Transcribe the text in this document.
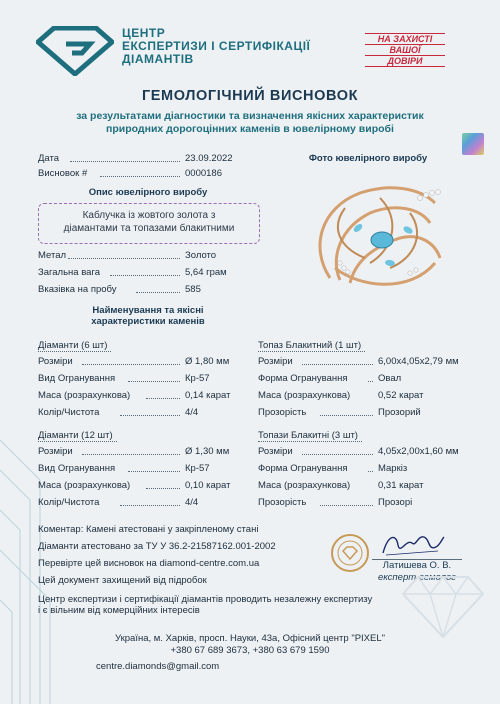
ЦЕНТР
ЕКСПЕРТИЗИ І СЕРТИФІКАЦІЇ
ДІАМАНТІВ
НА ЗАХИСТІ
ВАШОЇ
ДОВІРИ
ГЕМОЛОГІЧНИЙ ВИСНОВОК
за результатами діагностики та визначення якісних характеристик
природних дорогоцінних каменів в ювелірному виробі
Дата	23.09.2022
Висновок #	0000186
Фото ювелірного виробу
Опис ювелірного виробу
Каблучка із жовтого золота з
діамантами та топазами блакитними
Метал	Золото
Загальна вага	5,64 грам
Вказівка на пробу	585
Найменування та якісні
характеристики каменів
Діаманти (6 шт)
Розміри	Ø 1,80 мм
Вид Огранування	Кр-57
Маса (розрахункова)	0,14 карат
Колір/Чистота	4/4
Діаманти (12 шт)
Розміри	Ø 1,30 мм
Вид Огранування	Кр-57
Маса (розрахункова)	0,10 карат
Колір/Чистота	4/4
Топаз Блакитний (1 шт)
Розміри	6,00х4,05х2,79 мм
Форма Огранування	Овал
Маса (розрахункова)	0,52 карат
Прозорість	Прозорий
Топази Блакитні (3 шт)
Розміри	4,05х2,00х1,60 мм
Форма Огранування	Маркіз
Маса (розрахункова)	0,31 карат
Прозорість	Прозорі
Коментар: Камені атестовані у закріпленому стані
Діаманти атестовано за ТУ У 36.2-21587162.001-2002
Перевірте цей висновок на diamond-centre.com.ua
Цей документ захищений від підробок
Латишева О. В.
експерт-гемолог
Центр експертизи і сертифікації діамантів проводить незалежну експертизу
і є вільним від комерційних інтересів
Україна, м. Харків, просп. Науки, 43а, Офісний центр "PIXEL"
+380 67 689 3673, +380 63 679 1590
centre.diamonds@gmail.com
